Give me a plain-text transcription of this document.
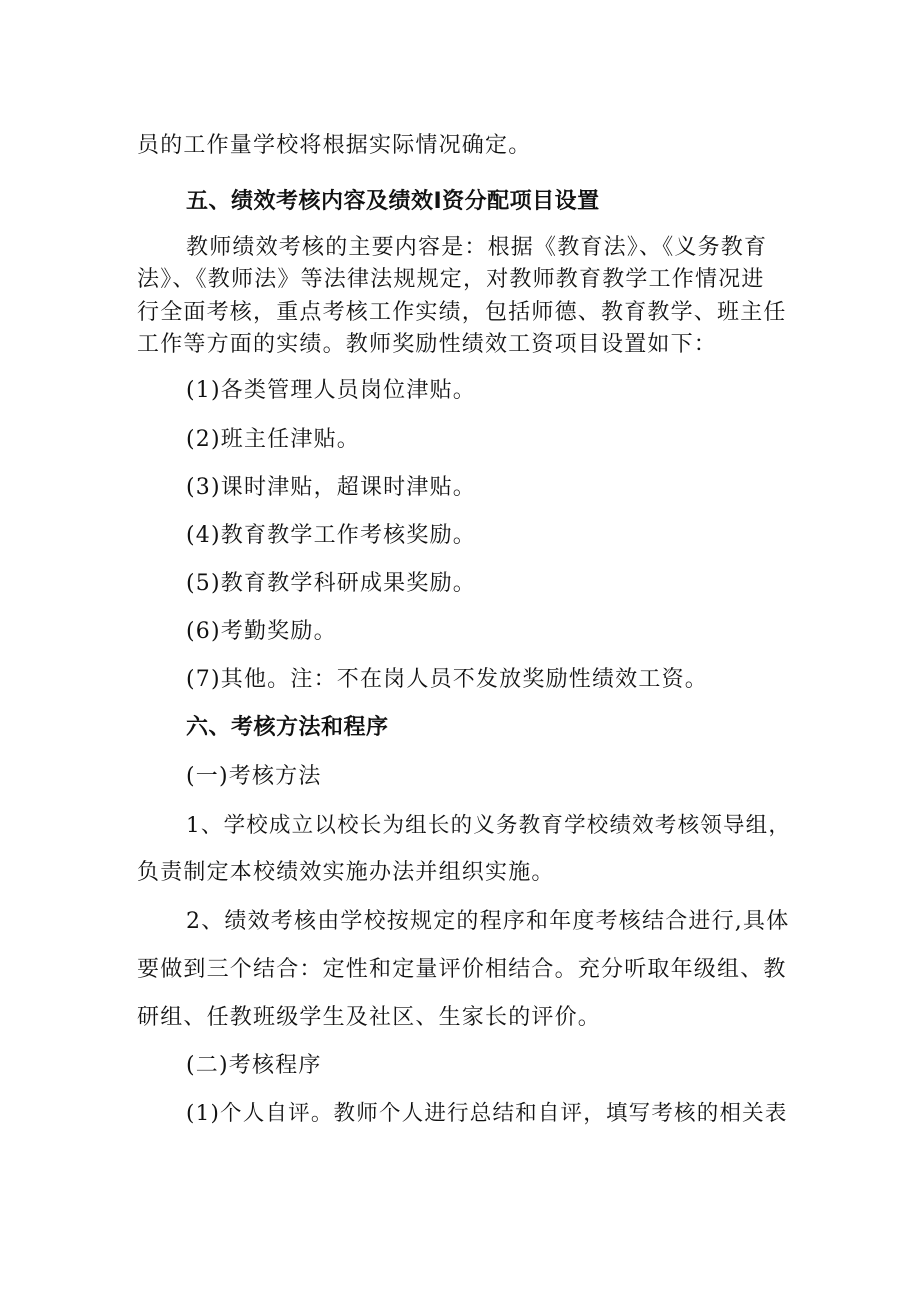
员的工作量学校将根据实际情况确定。
五、绩效考核内容及绩效I资分配项目设置
教师绩效考核的主要内容是：根据《教育法》、《义务教育
法》、《教师法》等法律法规规定，对教师教育教学工作情况进
行全面考核，重点考核工作实绩，包括师德、教育教学、班主任
工作等方面的实绩。教师奖励性绩效工资项目设置如下：
(1)各类管理人员岗位津贴。
(2)班主任津贴。
(3)课时津贴，超课时津贴。
(4)教育教学工作考核奖励。
(5)教育教学科研成果奖励。
(6)考勤奖励。
(7)其他。注：不在岗人员不发放奖励性绩效工资。
六、考核方法和程序
(一)考核方法
1、学校成立以校长为组长的义务教育学校绩效考核领导组，
负责制定本校绩效实施办法并组织实施。
2、绩效考核由学校按规定的程序和年度考核结合进行,具体
要做到三个结合：定性和定量评价相结合。充分听取年级组、教
研组、任教班级学生及社区、生家长的评价。
(二)考核程序
(1)个人自评。教师个人进行总结和自评，填写考核的相关表
